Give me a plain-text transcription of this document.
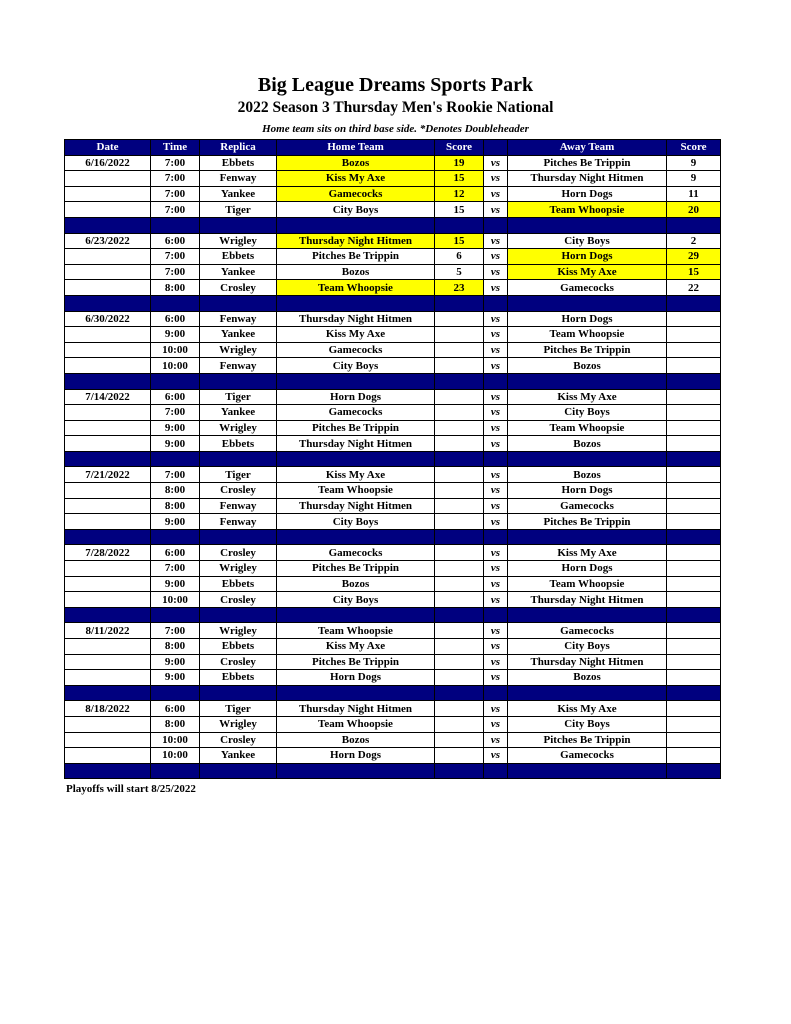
Big League Dreams Sports Park
2022 Season 3 Thursday Men's Rookie National
Home team sits on third base side. *Denotes Doubleheader
Date	Time	Replica	Home Team	Score		Away Team	Score
6/16/2022	7:00	Ebbets	Bozos	19	vs	Pitches Be Trippin	9
	7:00	Fenway	Kiss My Axe	15	vs	Thursday Night Hitmen	9
	7:00	Yankee	Gamecocks	12	vs	Horn Dogs	11
	7:00	Tiger	City Boys	15	vs	Team Whoopsie	20

6/23/2022	6:00	Wrigley	Thursday Night Hitmen	15	vs	City Boys	2
	7:00	Ebbets	Pitches Be Trippin	6	vs	Horn Dogs	29
	7:00	Yankee	Bozos	5	vs	Kiss My Axe	15
	8:00	Crosley	Team Whoopsie	23	vs	Gamecocks	22

6/30/2022	6:00	Fenway	Thursday Night Hitmen		vs	Horn Dogs	
	9:00	Yankee	Kiss My Axe		vs	Team Whoopsie	
	10:00	Wrigley	Gamecocks		vs	Pitches Be Trippin	
	10:00	Fenway	City Boys		vs	Bozos	

7/14/2022	6:00	Tiger	Horn Dogs		vs	Kiss My Axe	
	7:00	Yankee	Gamecocks		vs	City Boys	
	9:00	Wrigley	Pitches Be Trippin		vs	Team Whoopsie	
	9:00	Ebbets	Thursday Night Hitmen		vs	Bozos	

7/21/2022	7:00	Tiger	Kiss My Axe		vs	Bozos	
	8:00	Crosley	Team Whoopsie		vs	Horn Dogs	
	8:00	Fenway	Thursday Night Hitmen		vs	Gamecocks	
	9:00	Fenway	City Boys		vs	Pitches Be Trippin	

7/28/2022	6:00	Crosley	Gamecocks		vs	Kiss My Axe	
	7:00	Wrigley	Pitches Be Trippin		vs	Horn Dogs	
	9:00	Ebbets	Bozos		vs	Team Whoopsie	
	10:00	Crosley	City Boys		vs	Thursday Night Hitmen	

8/11/2022	7:00	Wrigley	Team Whoopsie		vs	Gamecocks	
	8:00	Ebbets	Kiss My Axe		vs	City Boys	
	9:00	Crosley	Pitches Be Trippin		vs	Thursday Night Hitmen	
	9:00	Ebbets	Horn Dogs		vs	Bozos	

8/18/2022	6:00	Tiger	Thursday Night Hitmen		vs	Kiss My Axe	
	8:00	Wrigley	Team Whoopsie		vs	City Boys	
	10:00	Crosley	Bozos		vs	Pitches Be Trippin	
	10:00	Yankee	Horn Dogs		vs	Gamecocks	

Playoffs will start 8/25/2022
